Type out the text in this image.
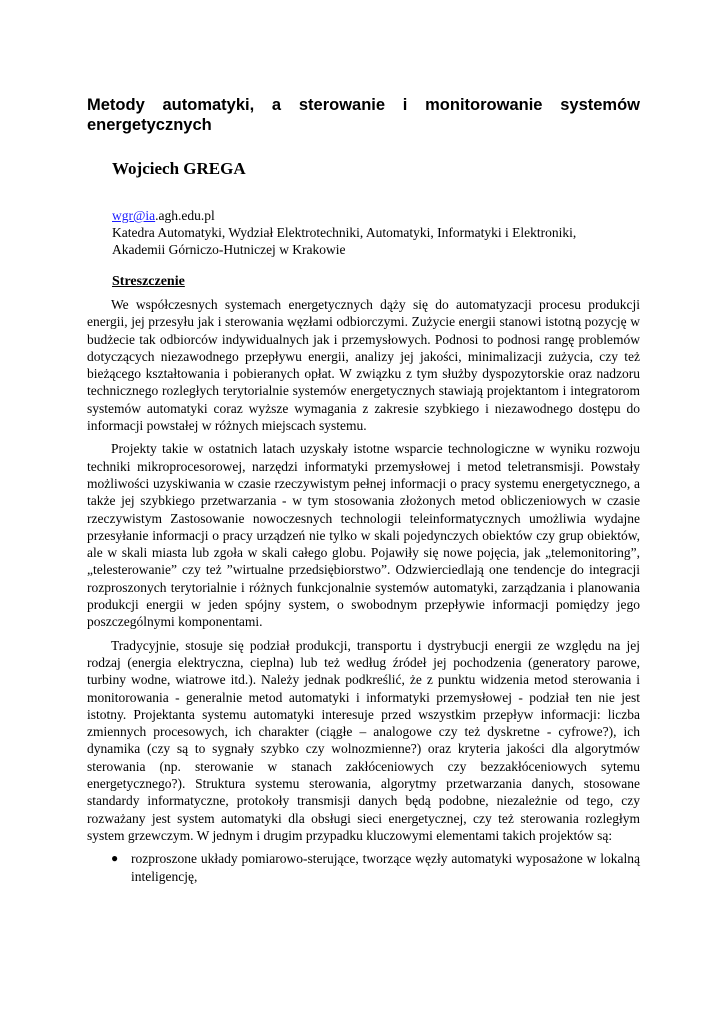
Metody automatyki, a sterowanie i monitorowanie systemów
energetycznych
Wojciech GREGA
wgr@ia.agh.edu.pl
Katedra Automatyki, Wydział Elektrotechniki, Automatyki, Informatyki i Elektroniki,
Akademii Górniczo-Hutniczej w Krakowie
Streszczenie

We współczesnych systemach energetycznych dąży się do automatyzacji procesu produkcji energii, jej przesyłu jak i sterowania węzłami odbiorczymi. Zużycie energii stanowi istotną pozycję w budżecie tak odbiorców indywidualnych jak i przemysłowych. Podnosi to podnosi rangę problemów dotyczących niezawodnego przepływu energii, analizy jej jakości, minimalizacji zużycia, czy też bieżącego kształtowania i pobieranych opłat. W związku z tym służby dyspozytorskie oraz nadzoru technicznego rozległych terytorialnie systemów energetycznych stawiają projektantom i integratorom systemów automatyki coraz wyższe wymagania z zakresie szybkiego i niezawodnego dostępu do informacji powstałej w różnych miejscach systemu.

Projekty takie w ostatnich latach uzyskały istotne wsparcie technologiczne w wyniku rozwoju techniki mikroprocesorowej, narzędzi informatyki przemysłowej i metod teletransmisji. Powstały możliwości uzyskiwania w czasie rzeczywistym pełnej informacji o pracy systemu energetycznego, a także jej szybkiego przetwarzania - w tym stosowania złożonych metod obliczeniowych w czasie rzeczywistym Zastosowanie nowoczesnych technologii teleinformatycznych umożliwia wydajne przesyłanie informacji o pracy urządzeń nie tylko w skali pojedynczych obiektów czy grup obiektów, ale w skali miasta lub zgoła w skali całego globu. Pojawiły się nowe pojęcia, jak „telemonitoring”, „telesterowanie” czy też ”wirtualne przedsiębiorstwo”. Odzwierciedlają one tendencje do integracji rozproszonych terytorialnie i różnych funkcjonalnie systemów automatyki, zarządzania i planowania produkcji energii w jeden spójny system, o swobodnym przepływie informacji pomiędzy jego poszczególnymi komponentami.

Tradycyjnie, stosuje się podział produkcji, transportu i dystrybucji energii ze względu na jej rodzaj (energia elektryczna, cieplna) lub też według źródeł jej pochodzenia (generatory parowe, turbiny wodne, wiatrowe itd.). Należy jednak podkreślić, że z punktu widzenia metod sterowania i monitorowania - generalnie metod automatyki i informatyki przemysłowej - podział ten nie jest istotny. Projektanta systemu automatyki interesuje przed wszystkim przepływ informacji: liczba zmiennych procesowych, ich charakter (ciągłe – analogowe czy też dyskretne - cyfrowe?), ich dynamika (czy są to sygnały szybko czy wolnozmienne?) oraz kryteria jakości dla algorytmów sterowania (np. sterowanie w stanach zakłóceniowych czy bezzakłóceniowych sytemu energetycznego?). Struktura systemu sterowania, algorytmy przetwarzania danych, stosowane standardy informatyczne, protokoły transmisji danych będą podobne, niezależnie od tego, czy rozważany jest system automatyki dla obsługi sieci energetycznej, czy też sterowania rozległym system grzewczym. W jednym i drugim przypadku kluczowymi elementami takich projektów są:

● rozproszone układy pomiarowo-sterujące, tworzące węzły automatyki wyposażone w lokalną inteligencję,
